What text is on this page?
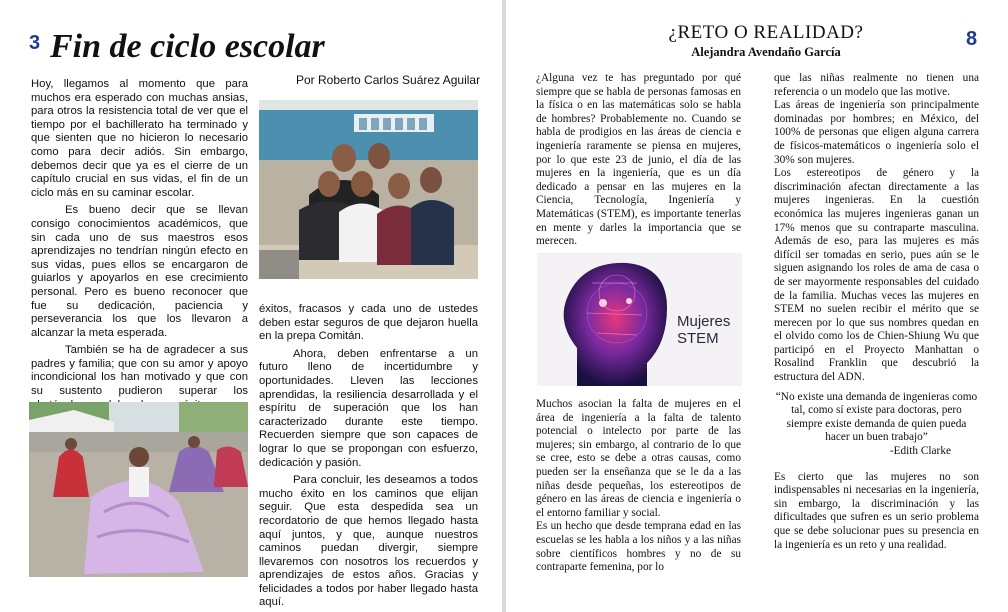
3 Fin de ciclo escolar
Por Roberto Carlos Suárez Aguilar

Hoy, llegamos al momento que para muchos era esperado con muchas ansias, para otros la resistencia total de ver que el tiempo por el bachillerato ha terminado y que sienten que no hicieron lo necesario como para decir adiós. Sin embargo, debemos decir que ya es el cierre de un capítulo crucial en sus vidas, el fin de un ciclo más en su caminar escolar.

Es bueno decir que se llevan consigo conocimientos académicos, que sin cada uno de sus maestros esos aprendizajes no tendrían ningún efecto en sus vidas, pues ellos se encargaron de guiarlos y apoyarlos en ese crecimiento personal. Pero es bueno reconocer que fue su dedicación, paciencia y perseverancia los que los llevaron a alcanzar la meta esperada.

También se ha de agradecer a sus padres y familia; que con su amor y apoyo incondicional los han motivado y que con su sustento pudieron superar los

éxitos, fracasos y cada uno de ustedes deben estar seguros de que dejaron huella en la prepa Comitán.

Ahora, deben enfrentarse a un futuro lleno de incertidumbre y oportunidades. Lleven las lecciones aprendidas, la resiliencia desarrollada y el espíritu de superación que los han caracterizado durante este tiempo. Recuerden siempre que son capaces de lograr lo que se propongan con esfuerzo, dedicación y pasión.

Para concluir, les deseamos a todos mucho éxito en los caminos que elijan seguir. Que esta despedida sea un recordatorio de que hemos llegado hasta aquí juntos, y que, aunque nuestros caminos puedan divergir, siempre llevaremos con nosotros los recuerdos y aprendizajes de estos años. Gracias y felicidades a todos por haber llegado hasta aquí.

¿RETO O REALIDAD?
Alejandra Avendaño García
8

¿Alguna vez te has preguntado por qué siempre que se habla de personas famosas en la física o en las matemáticas solo se habla de hombres? Probablemente no. Cuando se habla de prodigios en las áreas de ciencia e ingeniería raramente se piensa en mujeres, por lo que este 23 de junio, el día de las mujeres en la ingeniería, que es un día dedicado a pensar en las mujeres en la Ciencia, Tecnología, Ingeniería y Matemáticas (STEM), es importante tenerlas en mente y darles la importancia que se merecen.

Mujeres STEM

Muchos asocian la falta de mujeres en el área de ingeniería a la falta de talento potencial o intelecto por parte de las mujeres; sin embargo, al contrario de lo que se cree, esto se debe a otras causas, como pueden ser la enseñanza que se le da a las niñas desde pequeñas, los estereotipos de género en las áreas de ciencia e ingeniería o el entorno familiar y social.

Es un hecho que desde temprana edad en las escuelas se les habla a los niños y a las niñas sobre científicos hombres y no de su contraparte femenina, por lo

que las niñas realmente no tienen una referencia o un modelo que las motive.

Las áreas de ingeniería son principalmente dominadas por hombres; en México, del 100% de personas que eligen alguna carrera de físicos-matemáticos o ingeniería solo el 30% son mujeres.

Los estereotipos de género y la discriminación afectan directamente a las mujeres ingenieras. En la cuestión económica las mujeres ingenieras ganan un 17% menos que su contraparte masculina. Además de eso, para las mujeres es más difícil ser tomadas en serio, pues aún se le siguen asignando los roles de ama de casa o de ser mayormente responsables del cuidado de la familia. Muchas veces las mujeres en STEM no suelen recibir el mérito que se merecen por lo que sus nombres quedan en el olvido como los de Chien-Shiung Wu que participó en el Proyecto Manhattan o Rosalind Franklin que descubrió la estructura del ADN.

“No existe una demanda de ingenieras como tal, como sí existe para doctoras, pero siempre existe demanda de quien pueda hacer un buen trabajo”

-Edith Clarke

Es cierto que las mujeres no son indispensables ni necesarias en la ingeniería, sin embargo, la discriminación y las dificultades que sufren es un serio problema que se debe solucionar pues su presencia en la ingeniería es un reto y una realidad.
